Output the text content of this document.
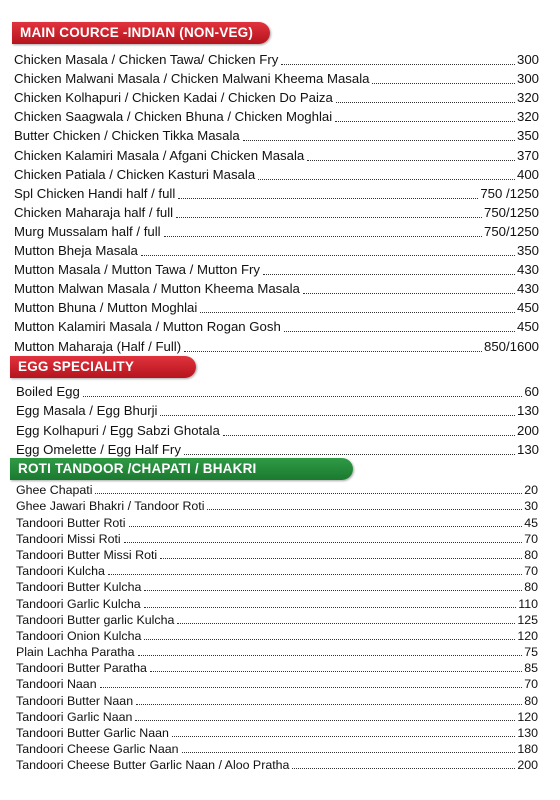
MAIN COURCE -INDIAN (NON-VEG)
Chicken Masala / Chicken Tawa/ Chicken Fry	300
Chicken Malwani Masala / Chicken Malwani Kheema Masala	300
Chicken Kolhapuri / Chicken Kadai / Chicken Do Paiza	320
Chicken Saagwala / Chicken Bhuna / Chicken Moghlai	320
Butter Chicken / Chicken Tikka Masala	350
Chicken Kalamiri Masala / Afgani Chicken Masala	370
Chicken Patiala / Chicken Kasturi Masala	400
Spl Chicken Handi half / full	750 /1250
Chicken Maharaja half / full	750/1250
Murg Mussalam half / full	750/1250
Mutton Bheja Masala	350
Mutton Masala / Mutton Tawa / Mutton Fry	430
Mutton Malwan Masala / Mutton Kheema Masala	430
Mutton Bhuna / Mutton Moghlai	450
Mutton Kalamiri Masala / Mutton Rogan Gosh	450
Mutton Maharaja (Half / Full)	850/1600
EGG SPECIALITY
Boiled Egg	60
Egg Masala / Egg Bhurji	130
Egg Kolhapuri / Egg Sabzi Ghotala	200
Egg Omelette / Egg Half Fry	130
ROTI TANDOOR /CHAPATI / BHAKRI
Ghee Chapati	20
Ghee Jawari Bhakri / Tandoor Roti	30
Tandoori Butter Roti	45
Tandoori Missi Roti	70
Tandoori Butter Missi Roti	80
Tandoori Kulcha	70
Tandoori Butter Kulcha	80
Tandoori Garlic Kulcha	110
Tandoori Butter garlic Kulcha	125
Tandoori Onion Kulcha	120
Plain Lachha Paratha	75
Tandoori Butter Paratha	85
Tandoori Naan	70
Tandoori Butter Naan	80
Tandoori Garlic Naan	120
Tandoori Butter Garlic Naan	130
Tandoori Cheese Garlic Naan	180
Tandoori Cheese Butter Garlic Naan / Aloo Pratha	200
